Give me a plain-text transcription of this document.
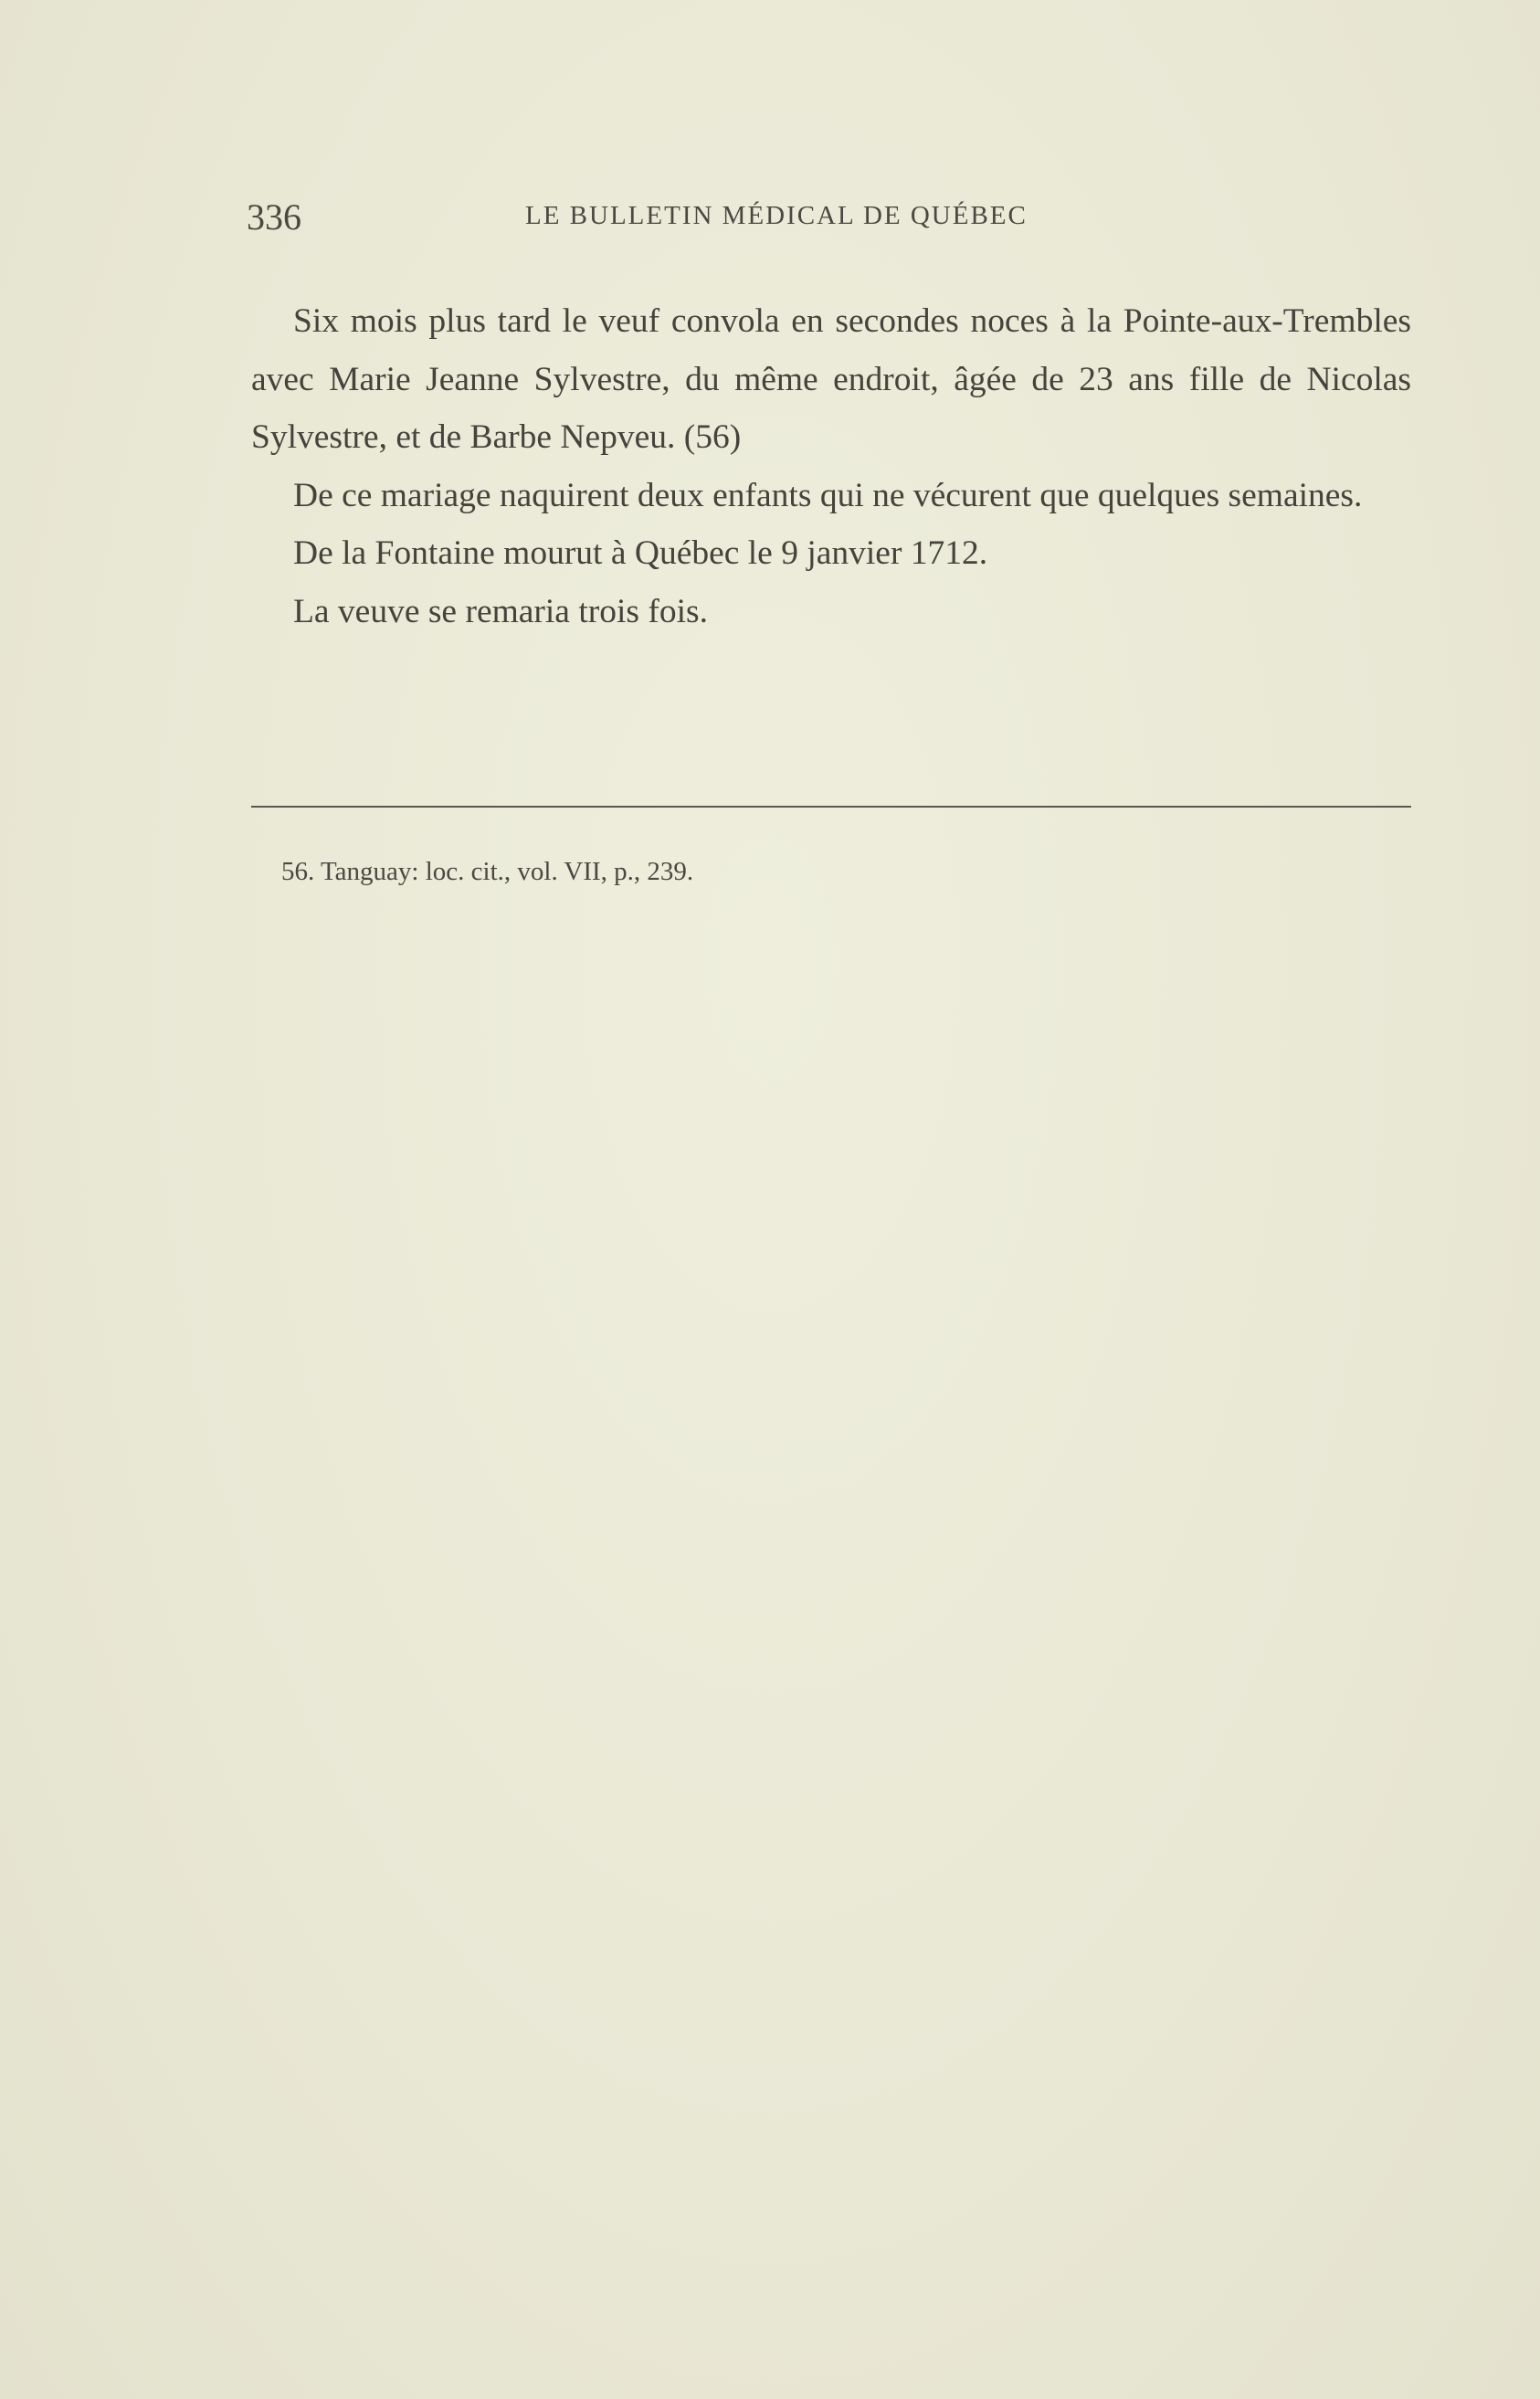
336	LE BULLETIN MÉDICAL DE QUÉBEC

Six mois plus tard le veuf convola en secondes noces à la Pointe-aux-Trembles avec Marie Jeanne Sylvestre, du même endroit, âgée de 23 ans fille de Nicolas Sylvestre, et de Barbe Nepveu. (56)

De ce mariage naquirent deux enfants qui ne vécurent que quelques semaines.

De la Fontaine mourut à Québec le 9 janvier 1712.

La veuve se remaria trois fois.

56. Tanguay: loc. cit., vol. VII, p., 239.
